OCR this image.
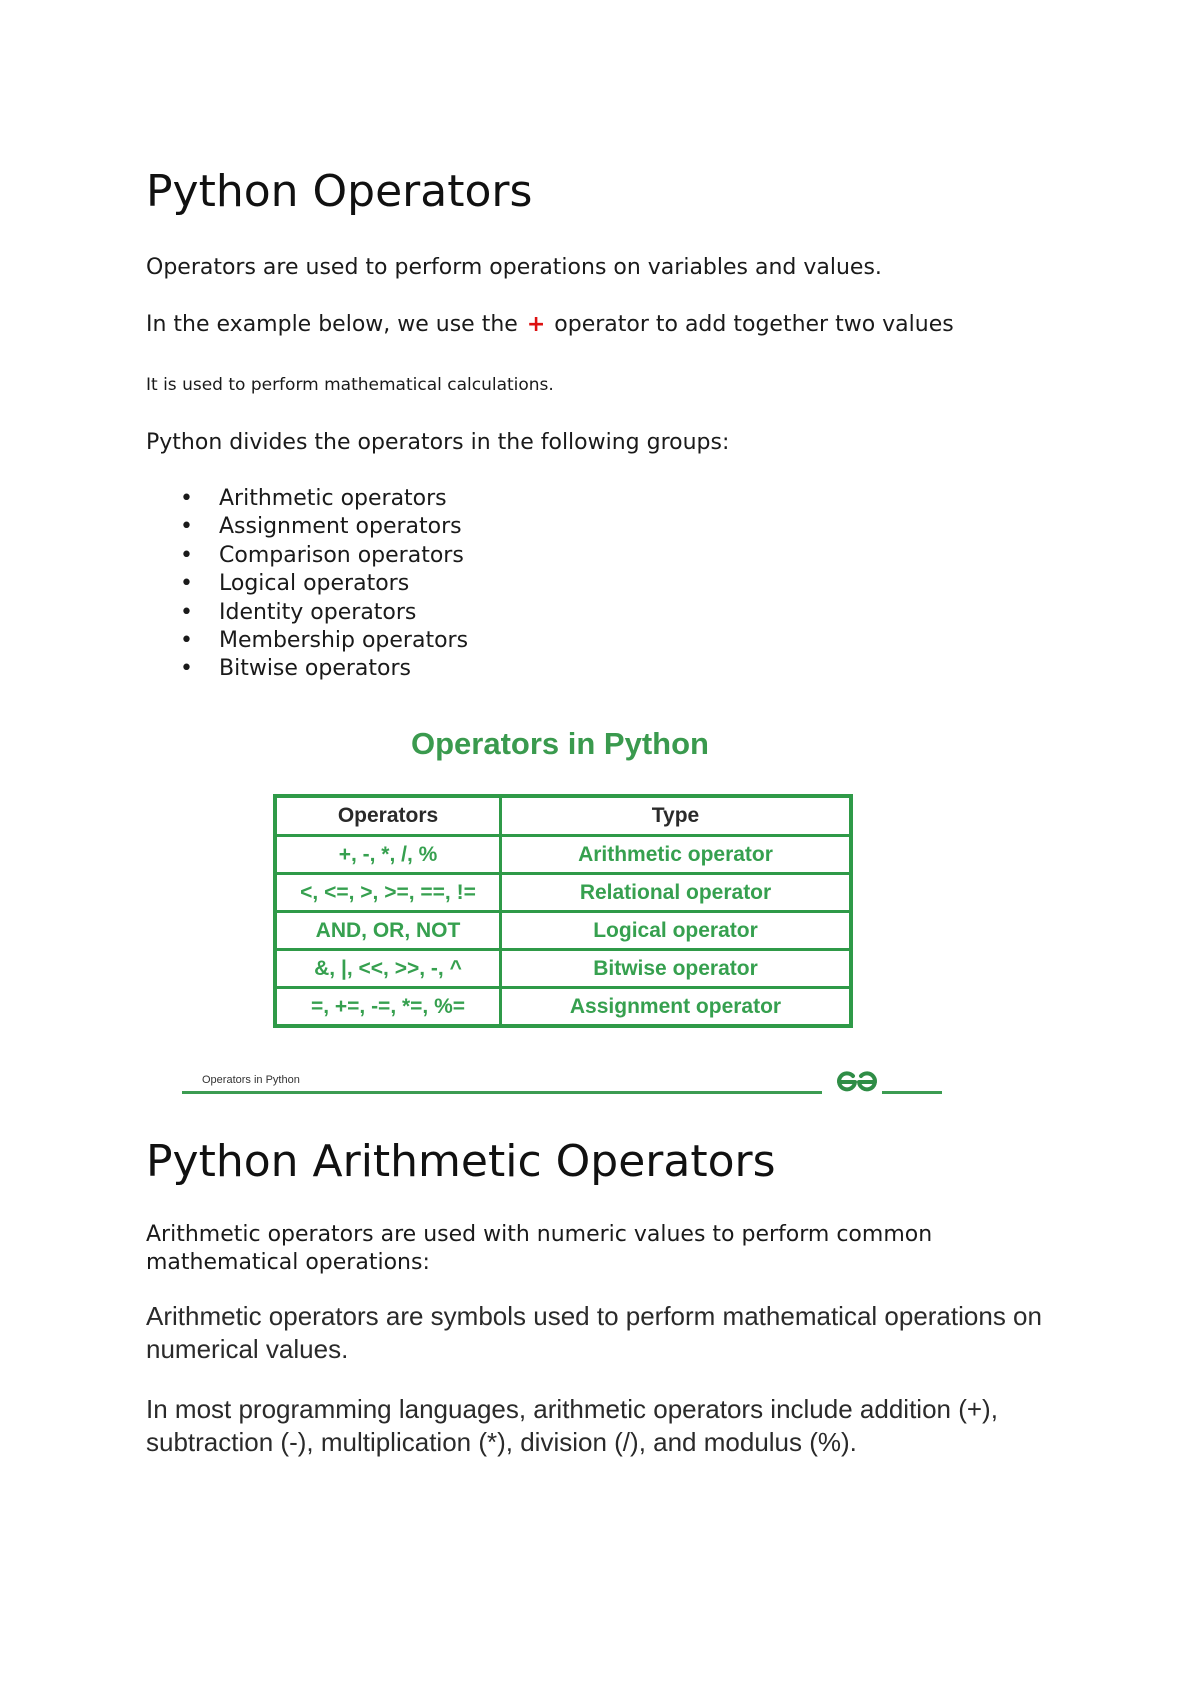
Python Operators

Operators are used to perform operations on variables and values.

In the example below, we use the + operator to add together two values

It is used to perform mathematical calculations.

Python divides the operators in the following groups:

• Arithmetic operators
• Assignment operators
• Comparison operators
• Logical operators
• Identity operators
• Membership operators
• Bitwise operators
Operators in Python
Operators	Type
+, -, *, /, %	Arithmetic operator
<, <=, >, >=, ==, !=	Relational operator
AND, OR, NOT	Logical operator
&, |, <<, >>, -, ^	Bitwise operator
=, +=, -=, *=, %=	Assignment operator
Operators in Python
Python Arithmetic Operators

Arithmetic operators are used with numeric values to perform common mathematical operations:

Arithmetic operators are symbols used to perform mathematical operations on numerical values.

In most programming languages, arithmetic operators include addition (+), subtraction (-), multiplication (*), division (/), and modulus (%).
